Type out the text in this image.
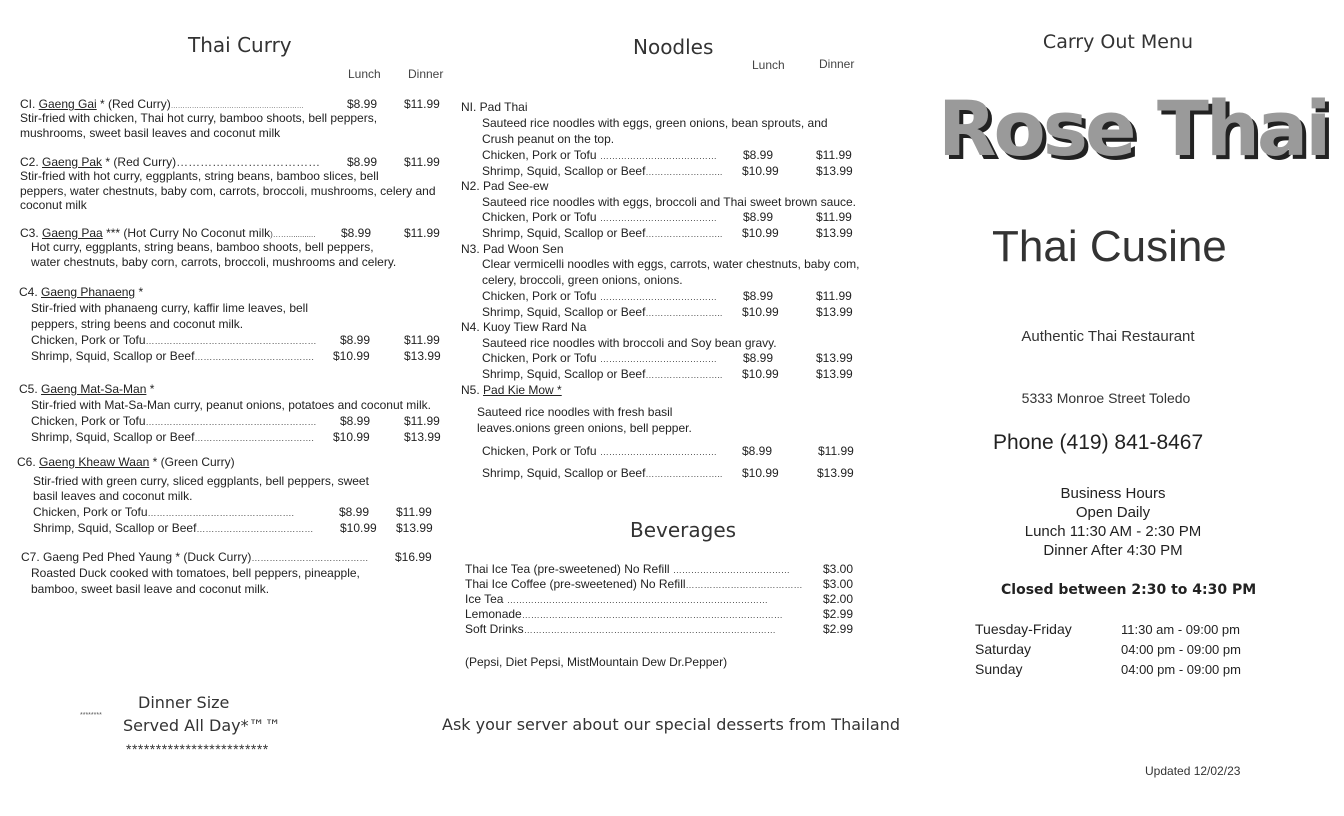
Thai Curry
Lunch Dinner
CI. Gaeng Gai * (Red Curry)…………………………………………………	$8.99 $11.99
Stir-fried with chicken, Thai hot curry, bamboo shoots, bell peppers,
mushrooms, sweet basil leaves and coconut milk
C2. Gaeng Pak * (Red Curry)……………………………… $8.99 $11.99
Stir-fried with hot curry, eggplants, string beans, bamboo slices, bell
peppers, water chestnuts, baby com, carrots, broccoli, mushrooms, celery and
coconut milk
C3. Gaeng Paa *** (Hot Curry No Coconut milk)……............ $8.99	$11.99
Hot curry, eggplants, string beans, bamboo shoots, bell peppers,
water chestnuts, baby corn, carrots, broccoli, mushrooms and celery.
C4. Gaeng Phanaeng *
Stir-fried with phanaeng curry, kaffir lime leaves, bell
peppers, string beens and coconut milk.
Chicken, Pork or Tofu…………………………………………………	$8.99	$11.99
Shrimp, Squid, Scallop or Beef………………………………….	$10.99	$13.99
C5. Gaeng Mat-Sa-Man *
Stir-fried with Mat-Sa-Man curry, peanut onions, potatoes and coconut milk.
Chicken, Pork or Tofu…………………………………………………	$8.99	$11.99
Shrimp, Squid, Scallop or Beef………………………………….	$10.99	$13.99
C6. Gaeng Kheaw Waan * (Green Curry)
Stir-fried with green curry, sliced eggplants, bell peppers, sweet
basil leaves and coconut milk.
Chicken, Pork or Tofu………………………………………….	$8.99 $11.99
Shrimp, Squid, Scallop or Beef…………………………………	$10.99 $13.99
C7. Gaeng Ped Phed Yaung * (Duck Curry)…………………………………	$16.99
Roasted Duck cooked with tomatoes, bell peppers, pineapple,
bamboo, sweet basil leave and coconut milk.
Noodles
Lunch	Dinner
NI. Pad Thai
Sauteed rice noodles with eggs, green onions, bean sprouts, and
Crush peanut on the top.
Chicken, Pork or Tofu …………………………………	$8.99	$11.99
Shrimp, Squid, Scallop or Beef……………………..	$10.99	$13.99
N2. Pad See-ew
Sauteed rice noodles with eggs, broccoli and Thai sweet brown sauce.
Chicken, Pork or Tofu …………………………………	$8.99	$11.99
Shrimp, Squid, Scallop or Beef……………………..	$10.99	$13.99
N3. Pad Woon Sen
Clear vermicelli noodles with eggs, carrots, water chestnuts, baby com,
celery, broccoli, green onions, onions.
Chicken, Pork or Tofu …………………………………	$8.99	$11.99
Shrimp, Squid, Scallop or Beef……………………..	$10.99	$13.99
N4. Kuoy Tiew Rard Na
Sauteed rice noodles with broccoli and Soy bean gravy.
Chicken, Pork or Tofu …………………………………	$8.99	$13.99
Shrimp, Squid, Scallop or Beef……………………..	$10.99	$13.99
N5. Pad Kie Mow *
Sauteed rice noodles with fresh basil
leaves.onions green onions, bell pepper.
Chicken, Pork or Tofu …………………………………	$8.99	$11.99
Shrimp, Squid, Scallop or Beef……………………..	$10.99	$13.99
Beverages
Thai Ice Tea (pre-sweetened) No Refill …………………………………	$3.00
Thai Ice Coffee (pre-sweetened) No Refill…………………………………	$3.00
Ice Tea ……………………………………………………………………………	$2.00
Lemonade……………………………………………………………………………	$2.99
Soft Drinks…………………………………………………………………………	$2.99
(Pepsi, Diet Pepsi, MistMountain Dew Dr.Pepper)
Dinner Size
********
Served All Day*™™
************************
Ask your server about our special desserts from Thailand
Carry Out Menu
Rose Thai
Thai Cusine
Authentic Thai Restaurant
5333 Monroe Street Toledo
Phone (419) 841-8467
Business Hours
Open Daily
Lunch 11:30 AM - 2:30 PM
Dinner After 4:30 PM
Closed between 2:30 to 4:30 PM
Tuesday-Friday	11:30 am - 09:00 pm
Saturday	04:00 pm - 09:00 pm
Sunday	04:00 pm - 09:00 pm
Updated 12/02/23
